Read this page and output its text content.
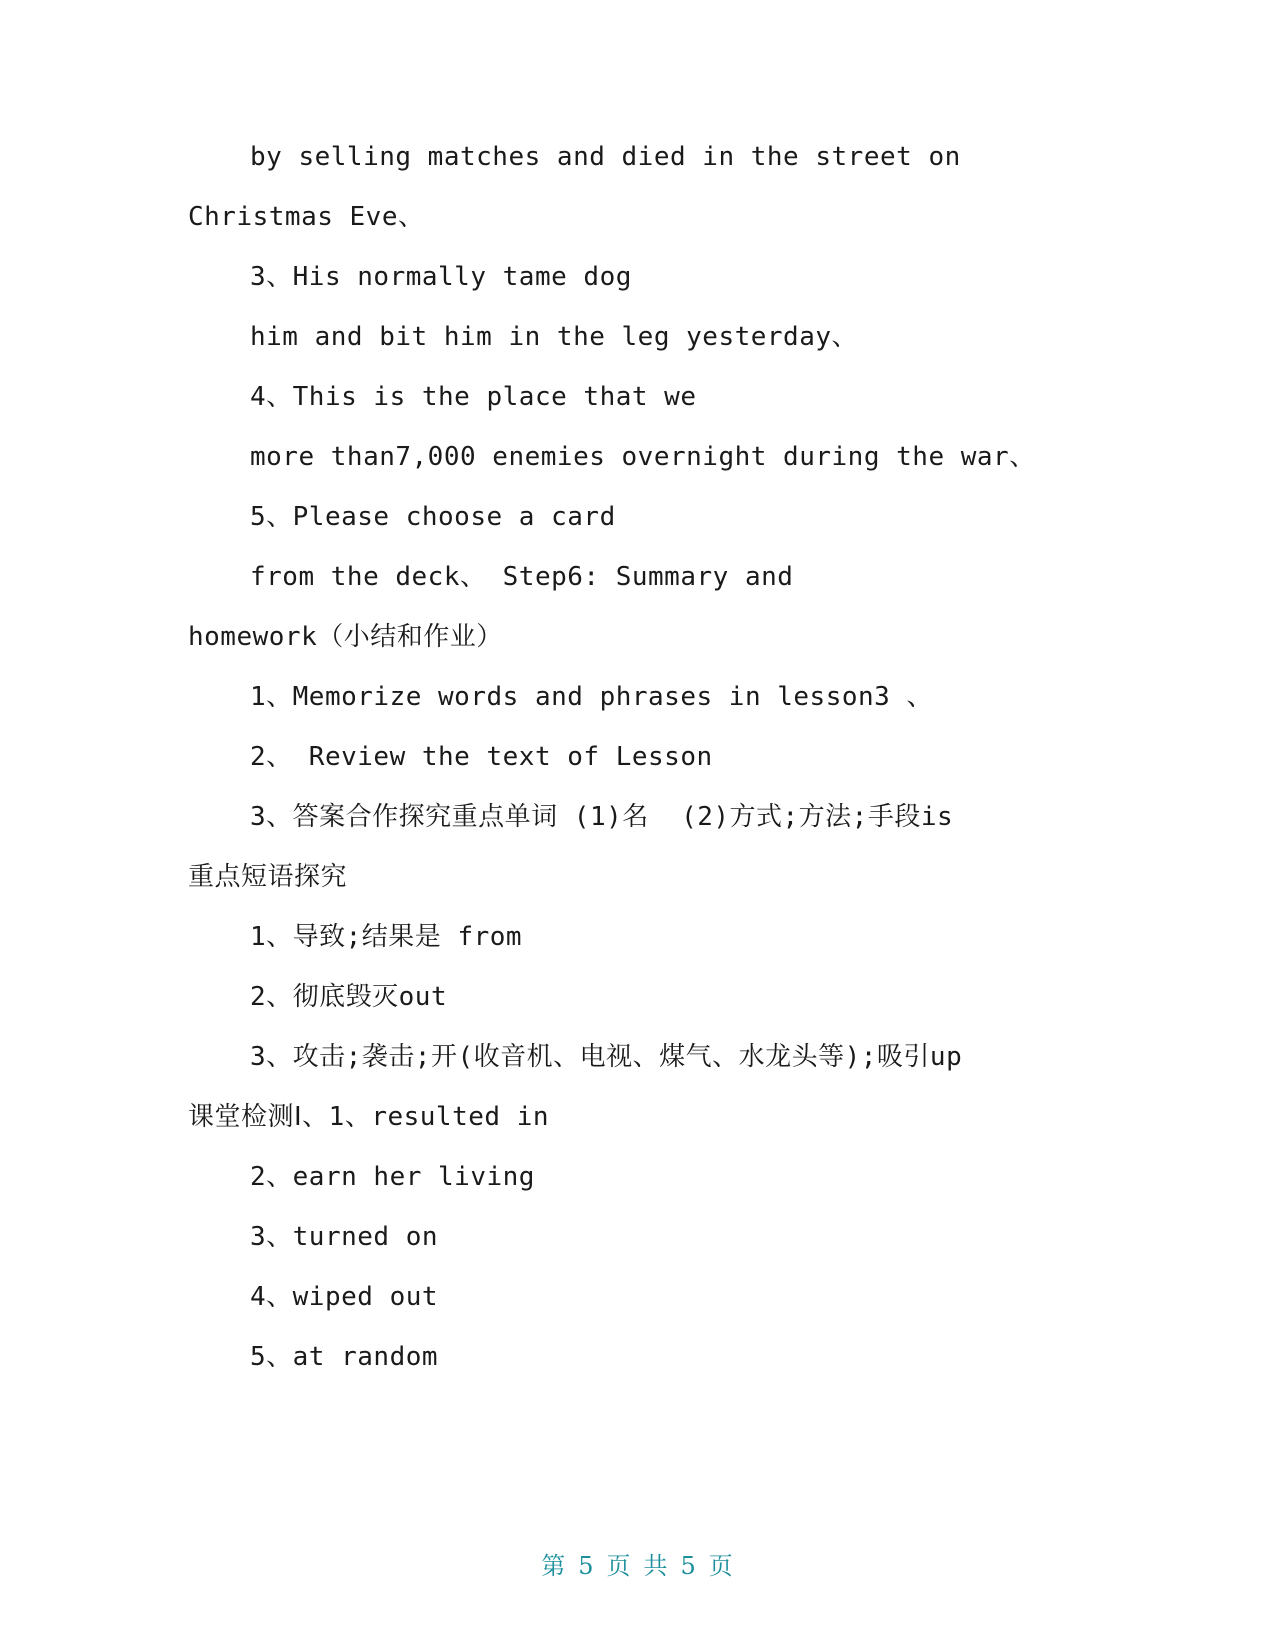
by selling matches and died in the street on
Christmas Eve、
3、His normally tame dog
him and bit him in the leg yesterday、
4、This is the place that we
more than7,000 enemies overnight during the war、
5、Please choose a card
from the deck、 Step6: Summary and
homework（小结和作业）
1、Memorize words and phrases in lesson3 、
2、 Review the text of Lesson
3、答案合作探究重点单词 (1)名  (2)方式;方法;手段is
重点短语探究
1、导致;结果是 from
2、彻底毁灭out
3、攻击;袭击;开(收音机、电视、煤气、水龙头等);吸引up
课堂检测Ⅰ、1、resulted in
2、earn her living
3、turned on
4、wiped out
5、at random
第 5 页 共 5 页
